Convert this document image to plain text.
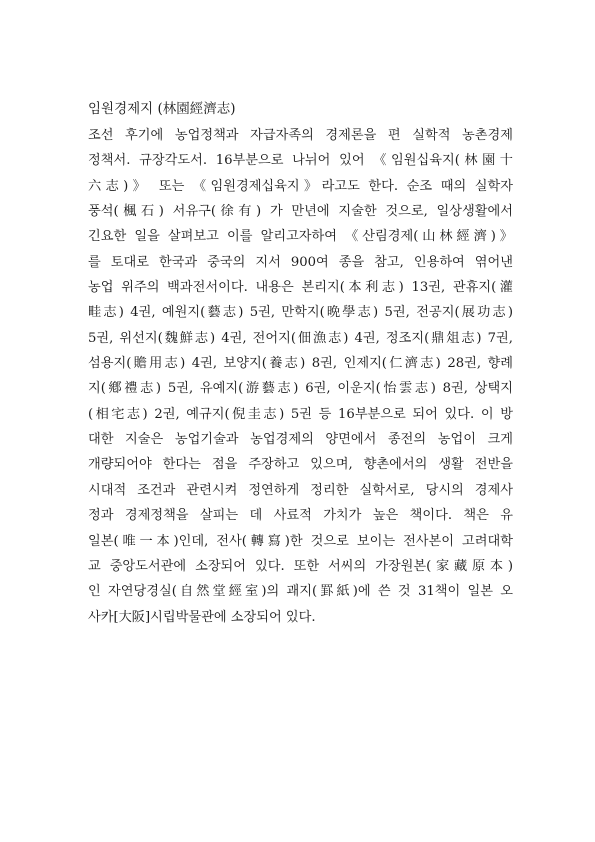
임원경제지 (林園經濟志)
조선 후기에 농업정책과 자급자족의 경제론을 편 실학적 농촌경제
정책서. 규장각도서. 16부분으로 나뉘어 있어 《임원십육지(林園十
六志)》 또는 《임원경제십육지》라고도 한다. 순조 때의 실학자
풍석(楓石) 서유구(徐有) 가 만년에 지술한 것으로, 일상생활에서
긴요한 일을 살펴보고 이를 알리고자하여 《산림경제(山林經濟)》
를 토대로 한국과 중국의 지서 900여 종을 참고, 인용하여 엮어낸
농업 위주의 백과전서이다. 내용은 본리지(本利志) 13권, 관휴지(灌
畦志) 4권, 예원지(藝志) 5권, 만학지(晩學志) 5권, 전공지(展功志)
5권, 위선지(魏鮮志) 4권, 전어지(佃漁志) 4권, 정조지(鼎俎志) 7권,
섬용지(贍用志) 4권, 보양지(養志) 8권, 인제지(仁濟志) 28권, 향례
지(鄕禮志) 5권, 유예지(游藝志) 6권, 이운지(怡雲志) 8권, 상택지
(相宅志) 2권, 예규지(倪圭志) 5권 등 16부분으로 되어 있다. 이 방
대한 지술은 농업기술과 농업경제의 양면에서 종전의 농업이 크게
개량되어야 한다는 점을 주장하고 있으며, 향촌에서의 생활 전반을
시대적 조건과 관련시켜 정연하게 정리한 실학서로, 당시의 경제사
정과 경제정책을 살피는 데 사료적 가치가 높은 책이다. 책은 유
일본(唯一本)인데, 전사(轉寫)한 것으로 보이는 전사본이 고려대학
교 중앙도서관에 소장되어 있다. 또한 서씨의 가장원본(家藏原本)
인 자연당경실(自然堂經室)의 괘지(罫紙)에 쓴 것 31책이 일본 오
사카[大阪]시립박물관에 소장되어 있다.
